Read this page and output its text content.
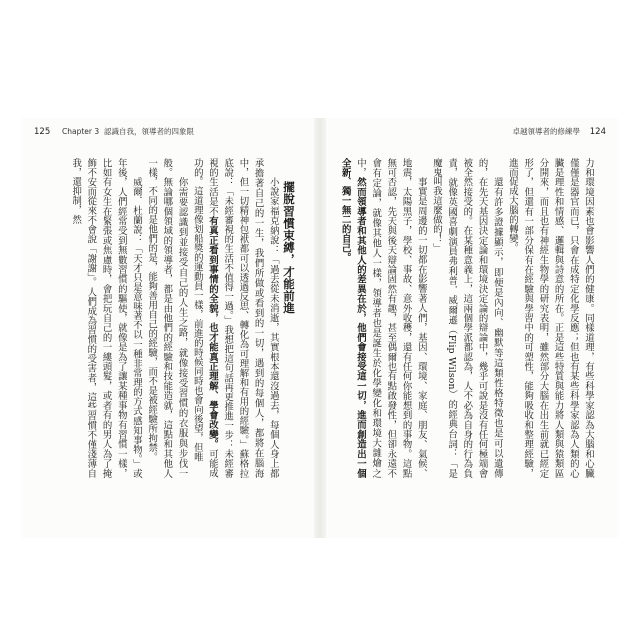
125 Chapter 3 認識自我，領導者的四象限

擺脫習慣束縛，才能前進

小說家福克納說：「過去從未消逝，其實根本還沒過去，每個人身上都承擔著自己的一生，我們所做或看到的一切，遇到的每個人，都將在腦海中，但一切精神包袱都可以透過反思、轉化為可理解和有用的經驗。」蘇格拉底說：「未經審視的生活不值得一過。」我想把這句話再更推進一步：未經審視的生活是不有真正看到事情的全貌，也才能真正理解、學會改變。可能成功的。這道理像划船獎的運動員一樣，前進的時候同時也會向後望，但唯

你需要認識到並接受自己的人生之路，就像接受習慣的衣服與步伐一般。無論哪個領域的領導者，都是由他們的經驗和技能造就，這點和其他人一樣，不同的是他們的是，能夠善用自己的經驗，而不是被經驗所拘禁。

威爾．杜蘭說：「天才只是意味著不以一種非常理的方式感知事物。」或年後，人們經常受到無數習慣的驅使，就像是為了讓某種事物有習慣一樣，比如有女生在緊張或焦慮時，會把玩自己的一縷頭髮，或者有的男人為了掩飾不安而從來不會說「謝謝」。人們成為習慣的受害者，這些習慣不僅淺薄自我，還抑制，然

卓越領導者的修練學 124

力和環境因素也會影響人們的健康。同樣道理，有些科學家認為大腦和心臟僅僅是器官而已，只會在成特定化學反應；但也有某些科學家認為人類的心臟是理性和情感、邏輯與詩意的所在。正是這些特質與能力將人類與猿類區分開來，而且也有神經生物學的研究表明，雖然部分大腦在出生前就已經定形了，但還有一部分保有在經驗與學習中的可塑性，能夠吸收和整理經驗，進而促成大腦的轉變。

還有許多證據顯示，即便是內向、幽默等這類性格特徵也是可以遺傳的，在先天基因決定論和環境決定論的辯論中，幾乎可說是沒有任何極端會被全然接受的。在某種意義上，這兩個學派都認為，人不必為自身的行為負責，就像英國喜劇演員弗利普．威爾遜（Flip Wilson）的經典台詞：「是魔鬼叫我這麼做的！」

事實是周邊的一切都在影響著人們，基因、環境、家庭、朋友、氣候、地震，太陽黑子，學校、事故、意外收穫，還有任何你能想到的事物。這點無可否認，先天與後天辯論固然有趣，甚至偶爾也有點啟發性，但卻永遠不會有定論，就像其他人一樣，領導者也是誕生於化學變化和環境大雜燴之中，然而領導者和其他人的差異在於，他們會接受這一切，進而創造出一個全新、獨一無二的自己。
